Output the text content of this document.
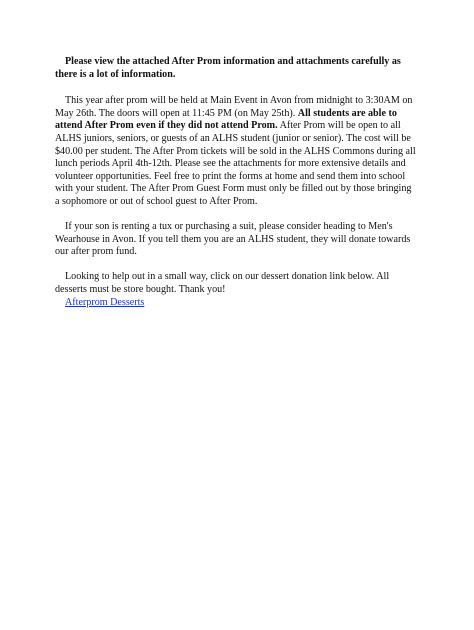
Please view the attached After Prom information and attachments carefully as there is a lot of information.

This year after prom will be held at Main Event in Avon from midnight to 3:30AM on May 26th. The doors will open at 11:45 PM (on May 25th). All students are able to attend After Prom even if they did not attend Prom. After Prom will be open to all ALHS juniors, seniors, or guests of an ALHS student (junior or senior). The cost will be $40.00 per student. The After Prom tickets will be sold in the ALHS Commons during all lunch periods April 4th-12th. Please see the attachments for more extensive details and volunteer opportunities. Feel free to print the forms at home and send them into school with your student. The After Prom Guest Form must only be filled out by those bringing a sophomore or out of school guest to After Prom.

If your son is renting a tux or purchasing a suit, please consider heading to Men's Wearhouse in Avon. If you tell them you are an ALHS student, they will donate towards our after prom fund.

Looking to help out in a small way, click on our dessert donation link below. All desserts must be store bought. Thank you!

Afterprom Desserts
